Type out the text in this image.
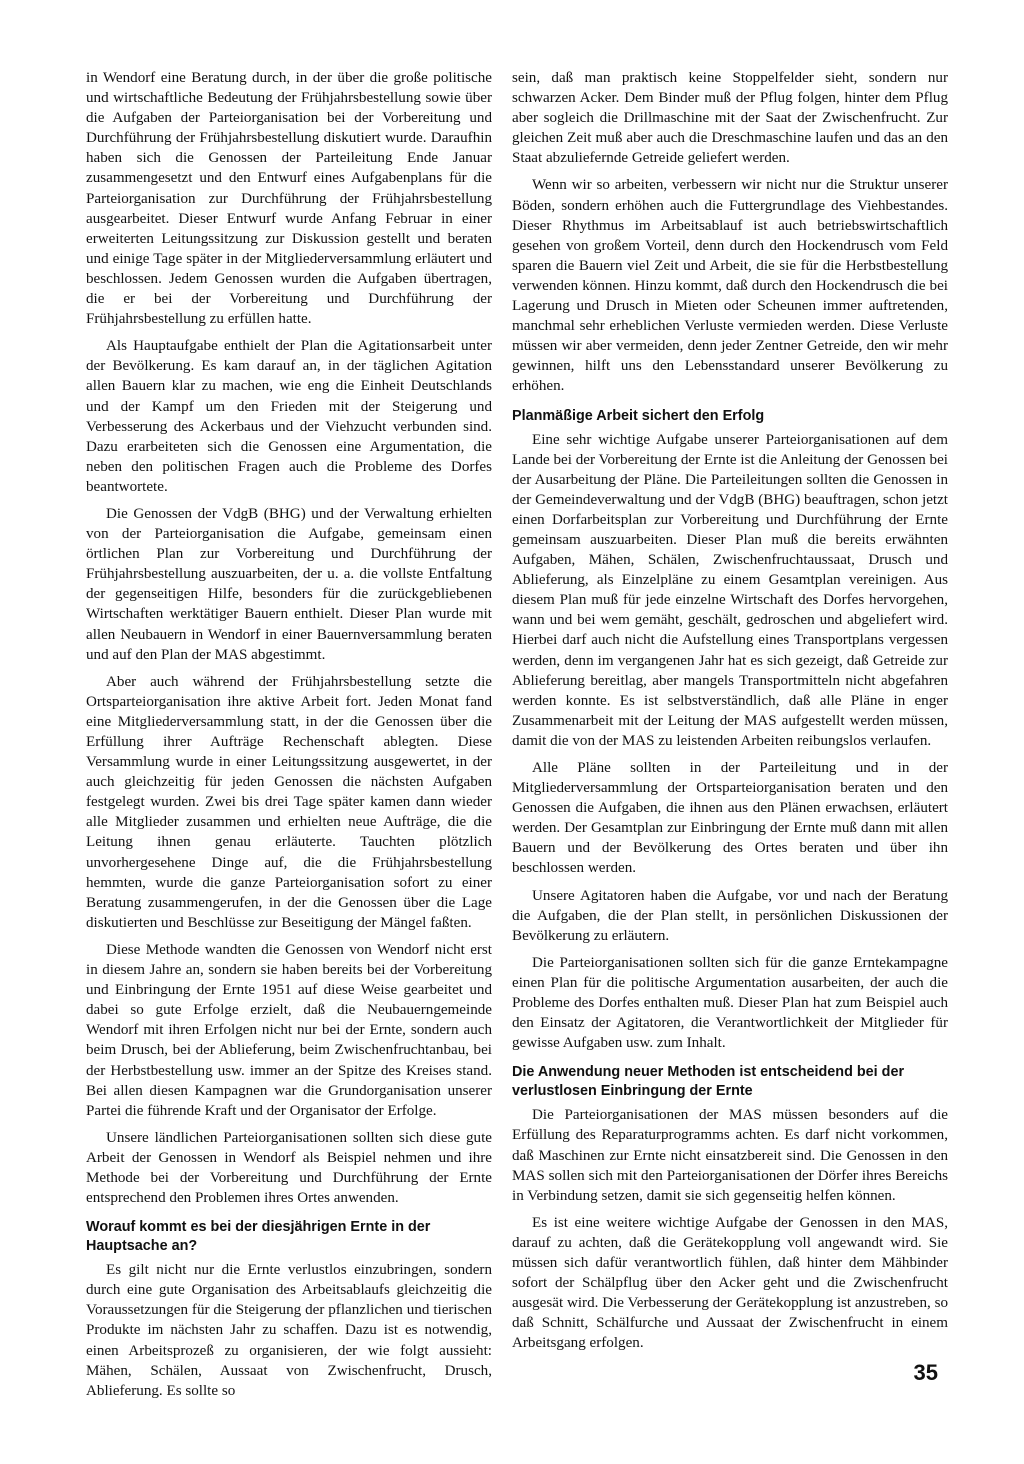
in Wendorf eine Beratung durch, in der über die große politische und wirtschaftliche Bedeutung der Frühjahrsbestellung sowie über die Aufgaben der Parteiorganisation bei der Vorbereitung und Durchführung der Frühjahrsbestellung diskutiert wurde. Daraufhin haben sich die Genossen der Parteileitung Ende Januar zusammengesetzt und den Entwurf eines Aufgabenplans für die Parteiorganisation zur Durchführung der Frühjahrsbestellung ausgearbeitet. Dieser Entwurf wurde Anfang Februar in einer erweiterten Leitungssitzung zur Diskussion gestellt und beraten und einige Tage später in der Mitgliederversammlung erläutert und beschlossen. Jedem Genossen wurden die Aufgaben übertragen, die er bei der Vorbereitung und Durchführung der Frühjahrsbestellung zu erfüllen hatte.

Als Hauptaufgabe enthielt der Plan die Agitationsarbeit unter der Bevölkerung. Es kam darauf an, in der täglichen Agitation allen Bauern klar zu machen, wie eng die Einheit Deutschlands und der Kampf um den Frieden mit der Steigerung und Verbesserung des Ackerbaus und der Viehzucht verbunden sind. Dazu erarbeiteten sich die Genossen eine Argumentation, die neben den politischen Fragen auch die Probleme des Dorfes beantwortete.

Die Genossen der VdgB (BHG) und der Verwaltung erhielten von der Parteiorganisation die Aufgabe, gemeinsam einen örtlichen Plan zur Vorbereitung und Durchführung der Frühjahrsbestellung auszuarbeiten, der u. a. die vollste Entfaltung der gegenseitigen Hilfe, besonders für die zurückgebliebenen Wirtschaften werktätiger Bauern enthielt. Dieser Plan wurde mit allen Neubauern in Wendorf in einer Bauernversammlung beraten und auf den Plan der MAS abgestimmt.

Aber auch während der Frühjahrsbestellung setzte die Ortsparteiorganisation ihre aktive Arbeit fort. Jeden Monat fand eine Mitgliederversammlung statt, in der die Genossen über die Erfüllung ihrer Aufträge Rechenschaft ablegten. Diese Versammlung wurde in einer Leitungssitzung ausgewertet, in der auch gleichzeitig für jeden Genossen die nächsten Aufgaben festgelegt wurden. Zwei bis drei Tage später kamen dann wieder alle Mitglieder zusammen und erhielten neue Aufträge, die die Leitung ihnen genau erläuterte. Tauchten plötzlich unvorhergesehene Dinge auf, die die Frühjahrsbestellung hemmten, wurde die ganze Parteiorganisation sofort zu einer Beratung zusammengerufen, in der die Genossen über die Lage diskutierten und Beschlüsse zur Beseitigung der Mängel faßten.

Diese Methode wandten die Genossen von Wendorf nicht erst in diesem Jahre an, sondern sie haben bereits bei der Vorbereitung und Einbringung der Ernte 1951 auf diese Weise gearbeitet und dabei so gute Erfolge erzielt, daß die Neubauerngemeinde Wendorf mit ihren Erfolgen nicht nur bei der Ernte, sondern auch beim Drusch, bei der Ablieferung, beim Zwischenfruchtanbau, bei der Herbstbestellung usw. immer an der Spitze des Kreises stand. Bei allen diesen Kampagnen war die Grundorganisation unserer Partei die führende Kraft und der Organisator der Erfolge.

Unsere ländlichen Parteiorganisationen sollten sich diese gute Arbeit der Genossen in Wendorf als Beispiel nehmen und ihre Methode bei der Vorbereitung und Durchführung der Ernte entsprechend den Problemen ihres Ortes anwenden.

Worauf kommt es bei der diesjährigen Ernte in der Hauptsache an?

Es gilt nicht nur die Ernte verlustlos einzubringen, sondern durch eine gute Organisation des Arbeitsablaufs gleichzeitig die Voraussetzungen für die Steigerung der pflanzlichen und tierischen Produkte im nächsten Jahr zu schaffen. Dazu ist es notwendig, einen Arbeitsprozeß zu organisieren, der wie folgt aussieht: Mähen, Schälen, Aussaat von Zwischenfrucht, Drusch, Ablieferung. Es sollte so

sein, daß man praktisch keine Stoppelfelder sieht, sondern nur schwarzen Acker. Dem Binder muß der Pflug folgen, hinter dem Pflug aber sogleich die Drillmaschine mit der Saat der Zwischenfrucht. Zur gleichen Zeit muß aber auch die Dreschmaschine laufen und das an den Staat abzuliefernde Getreide geliefert werden.

Wenn wir so arbeiten, verbessern wir nicht nur die Struktur unserer Böden, sondern erhöhen auch die Futtergrundlage des Viehbestandes. Dieser Rhythmus im Arbeitsablauf ist auch betriebswirtschaftlich gesehen von großem Vorteil, denn durch den Hockendrusch vom Feld sparen die Bauern viel Zeit und Arbeit, die sie für die Herbstbestellung verwenden können. Hinzu kommt, daß durch den Hockendrusch die bei Lagerung und Drusch in Mieten oder Scheunen immer auftretenden, manchmal sehr erheblichen Verluste vermieden werden. Diese Verluste müssen wir aber vermeiden, denn jeder Zentner Getreide, den wir mehr gewinnen, hilft uns den Lebensstandard unserer Bevölkerung zu erhöhen.

Planmäßige Arbeit sichert den Erfolg

Eine sehr wichtige Aufgabe unserer Parteiorganisationen auf dem Lande bei der Vorbereitung der Ernte ist die Anleitung der Genossen bei der Ausarbeitung der Pläne. Die Parteileitungen sollten die Genossen in der Gemeindeverwaltung und der VdgB (BHG) beauftragen, schon jetzt einen Dorfarbeitsplan zur Vorbereitung und Durchführung der Ernte gemeinsam auszuarbeiten. Dieser Plan muß die bereits erwähnten Aufgaben, Mähen, Schälen, Zwischenfruchtaussaat, Drusch und Ablieferung, als Einzelpläne zu einem Gesamtplan vereinigen. Aus diesem Plan muß für jede einzelne Wirtschaft des Dorfes hervorgehen, wann und bei wem gemäht, geschält, gedroschen und abgeliefert wird. Hierbei darf auch nicht die Aufstellung eines Transportplans vergessen werden, denn im vergangenen Jahr hat es sich gezeigt, daß Getreide zur Ablieferung bereitlag, aber mangels Transportmitteln nicht abgefahren werden konnte. Es ist selbstverständlich, daß alle Pläne in enger Zusammenarbeit mit der Leitung der MAS aufgestellt werden müssen, damit die von der MAS zu leistenden Arbeiten reibungslos verlaufen.

Alle Pläne sollten in der Parteileitung und in der Mitgliederversammlung der Ortsparteiorganisation beraten und den Genossen die Aufgaben, die ihnen aus den Plänen erwachsen, erläutert werden. Der Gesamtplan zur Einbringung der Ernte muß dann mit allen Bauern und der Bevölkerung des Ortes beraten und über ihn beschlossen werden.

Unsere Agitatoren haben die Aufgabe, vor und nach der Beratung die Aufgaben, die der Plan stellt, in persönlichen Diskussionen der Bevölkerung zu erläutern.

Die Parteiorganisationen sollten sich für die ganze Erntekampagne einen Plan für die politische Argumentation ausarbeiten, der auch die Probleme des Dorfes enthalten muß. Dieser Plan hat zum Beispiel auch den Einsatz der Agitatoren, die Verantwortlichkeit der Mitglieder für gewisse Aufgaben usw. zum Inhalt.

Die Anwendung neuer Methoden ist entscheidend bei der verlustlosen Einbringung der Ernte

Die Parteiorganisationen der MAS müssen besonders auf die Erfüllung des Reparaturprogramms achten. Es darf nicht vorkommen, daß Maschinen zur Ernte nicht einsatzbereit sind. Die Genossen in den MAS sollen sich mit den Parteiorganisationen der Dörfer ihres Bereichs in Verbindung setzen, damit sie sich gegenseitig helfen können.

Es ist eine weitere wichtige Aufgabe der Genossen in den MAS, darauf zu achten, daß die Gerätekopplung voll angewandt wird. Sie müssen sich dafür verantwortlich fühlen, daß hinter dem Mähbinder sofort der Schälpflug über den Acker geht und die Zwischenfrucht ausgesät wird. Die Verbesserung der Gerätekopplung ist anzustreben, so daß Schnitt, Schälfurche und Aussaat der Zwischenfrucht in einem Arbeitsgang erfolgen.

35
